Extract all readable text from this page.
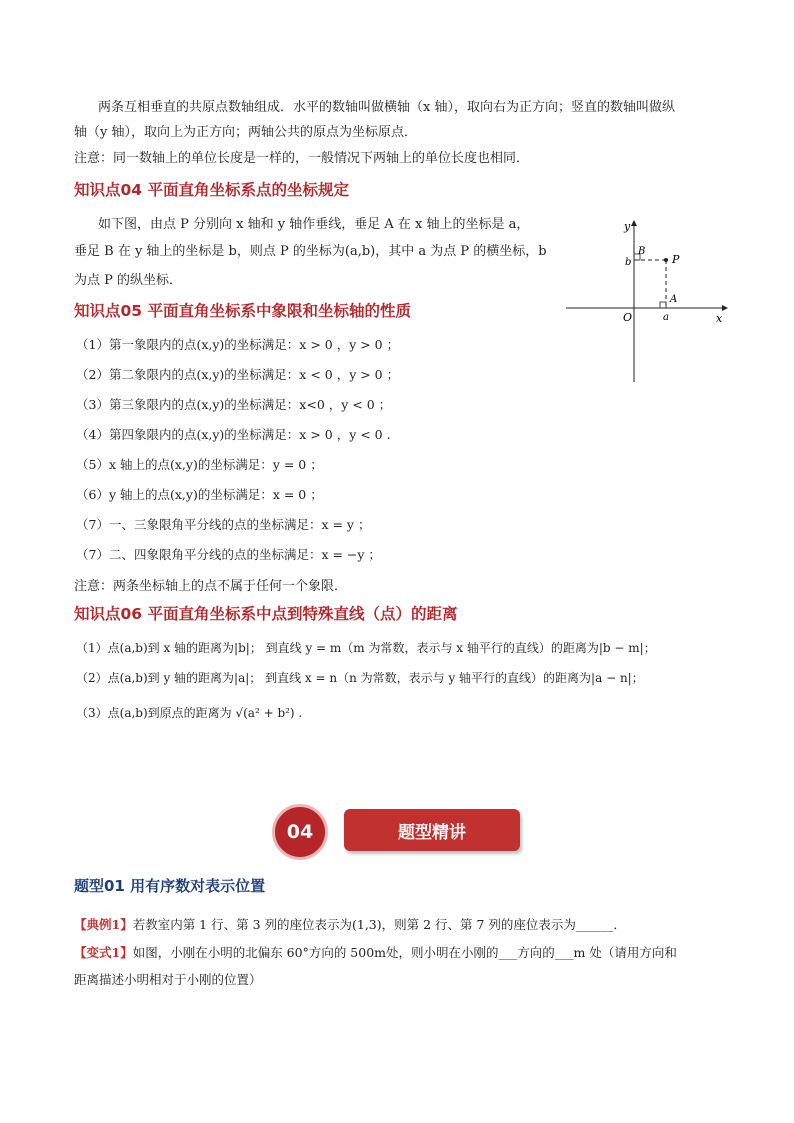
两条互相垂直的共原点数轴组成．水平的数轴叫做横轴（x 轴），取向右为正方向；竖直的数轴叫做纵
轴（y 轴），取向上为正方向；两轴公共的原点为坐标原点．
注意：同一数轴上的单位长度是一样的，一般情况下两轴上的单位长度也相同．
知识点04 平面直角坐标系点的坐标规定
如下图，由点 P 分别向 x 轴和 y 轴作垂线，垂足 A 在 x 轴上的坐标是 a，
垂足 B 在 y 轴上的坐标是 b，则点 P 的坐标为(a,b)，其中 a 为点 P 的横坐标，b
为点 P 的纵坐标．
y
x
O
B
b	P
A
a
知识点05 平面直角坐标系中象限和坐标轴的性质
（1）第一象限内的点(x,y)的坐标满足：x > 0 ，y > 0 ；
（2）第二象限内的点(x,y)的坐标满足：x < 0 ，y > 0 ；
（3）第三象限内的点(x,y)的坐标满足：x<0 ，y < 0 ；
（4）第四象限内的点(x,y)的坐标满足：x > 0 ，y < 0 .
（5）x 轴上的点(x,y)的坐标满足：y = 0 ；
（6）y 轴上的点(x,y)的坐标满足：x = 0 ；
（7）一、三象限角平分线的点的坐标满足：x = y ；
（7）二、四象限角平分线的点的坐标满足：x = −y ；
注意：两条坐标轴上的点不属于任何一个象限．
知识点06 平面直角坐标系中点到特殊直线（点）的距离
（1）点(a,b)到 x 轴的距离为|b|； 到直线 y = m（m 为常数，表示与 x 轴平行的直线）的距离为|b − m|；
（2）点(a,b)到 y 轴的距离为|a|； 到直线 x = n（n 为常数，表示与 y 轴平行的直线）的距离为|a − n|；
（3）点(a,b)到原点的距离为 √(a² + b²) .
04	题型精讲
题型01 用有序数对表示位置
【典例1】若教室内第 1 行、第 3 列的座位表示为(1,3)，则第 2 行、第 7 列的座位表示为______．
【变式1】如图，小刚在小明的北偏东 60°方向的 500m处，则小明在小刚的___方向的___m 处（请用方向和
距离描述小明相对于小刚的位置）
